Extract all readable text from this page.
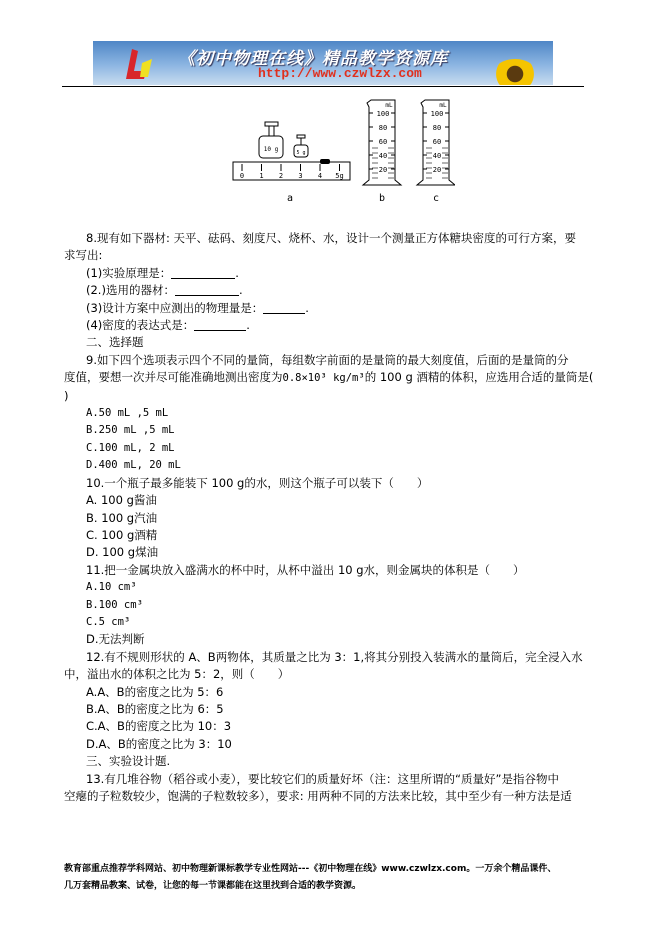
《初中物理在线》精品教学资源库
http://www.czwlzx.com
10 g	5 g
0 1 2 3 4 5g
mL
100
80
60
40
20
mL
100
80
60
40
20
a	b	c
8.现有如下器材: 天平、砝码、刻度尺、烧杯、水，设计一个测量正方体糖块密度的可行方案，要
求写出:
(1)实验原理是：	.
(2.)选用的器材：	.
(3)设计方案中应测出的物理量是：	.
(4)密度的表达式是：	.
二、选择题
9.如下四个选项表示四个不同的量筒，每组数字前面的是量筒的最大刻度值，后面的是量筒的分
度值，要想一次并尽可能准确地测出密度为0.8×10³ kg/m³的 100 g 酒精的体积，应选用合适的量筒是(
)
A.50 mL ,5 mL
B.250 mL ,5 mL
C.100 mL, 2 mL
D.400 mL, 20 mL
10.一个瓶子最多能装下 100 g的水，则这个瓶子可以装下（　　）
A. 100 g酱油
B. 100 g汽油
C. 100 g酒精
D. 100 g煤油
11.把一金属块放入盛满水的杯中时，从杯中溢出 10 g水，则金属块的体积是（　　）
A.10 cm³
B.100 cm³
C.5 cm³
D.无法判断
12.有不规则形状的 A、B两物体，其质量之比为 3：1,将其分别投入装满水的量筒后，完全浸入水
中，溢出水的体积之比为 5：2，则（　　）
A.A、B的密度之比为 5：6
B.A、B的密度之比为 6：5
C.A、B的密度之比为 10：3
D.A、B的密度之比为 3：10
三、实验设计题.
13.有几堆谷物（稻谷或小麦），要比较它们的质量好坏（注：这里所谓的“质量好”是指谷物中
空瘪的子粒数较少，饱满的子粒数较多），要求: 用两种不同的方法来比较，其中至少有一种方法是适
教育部重点推荐学科网站、初中物理新课标教学专业性网站---《初中物理在线》www.czwlzx.com。一万余个精品课件、
几万套精品教案、试卷，让您的每一节课都能在这里找到合适的教学资源。
